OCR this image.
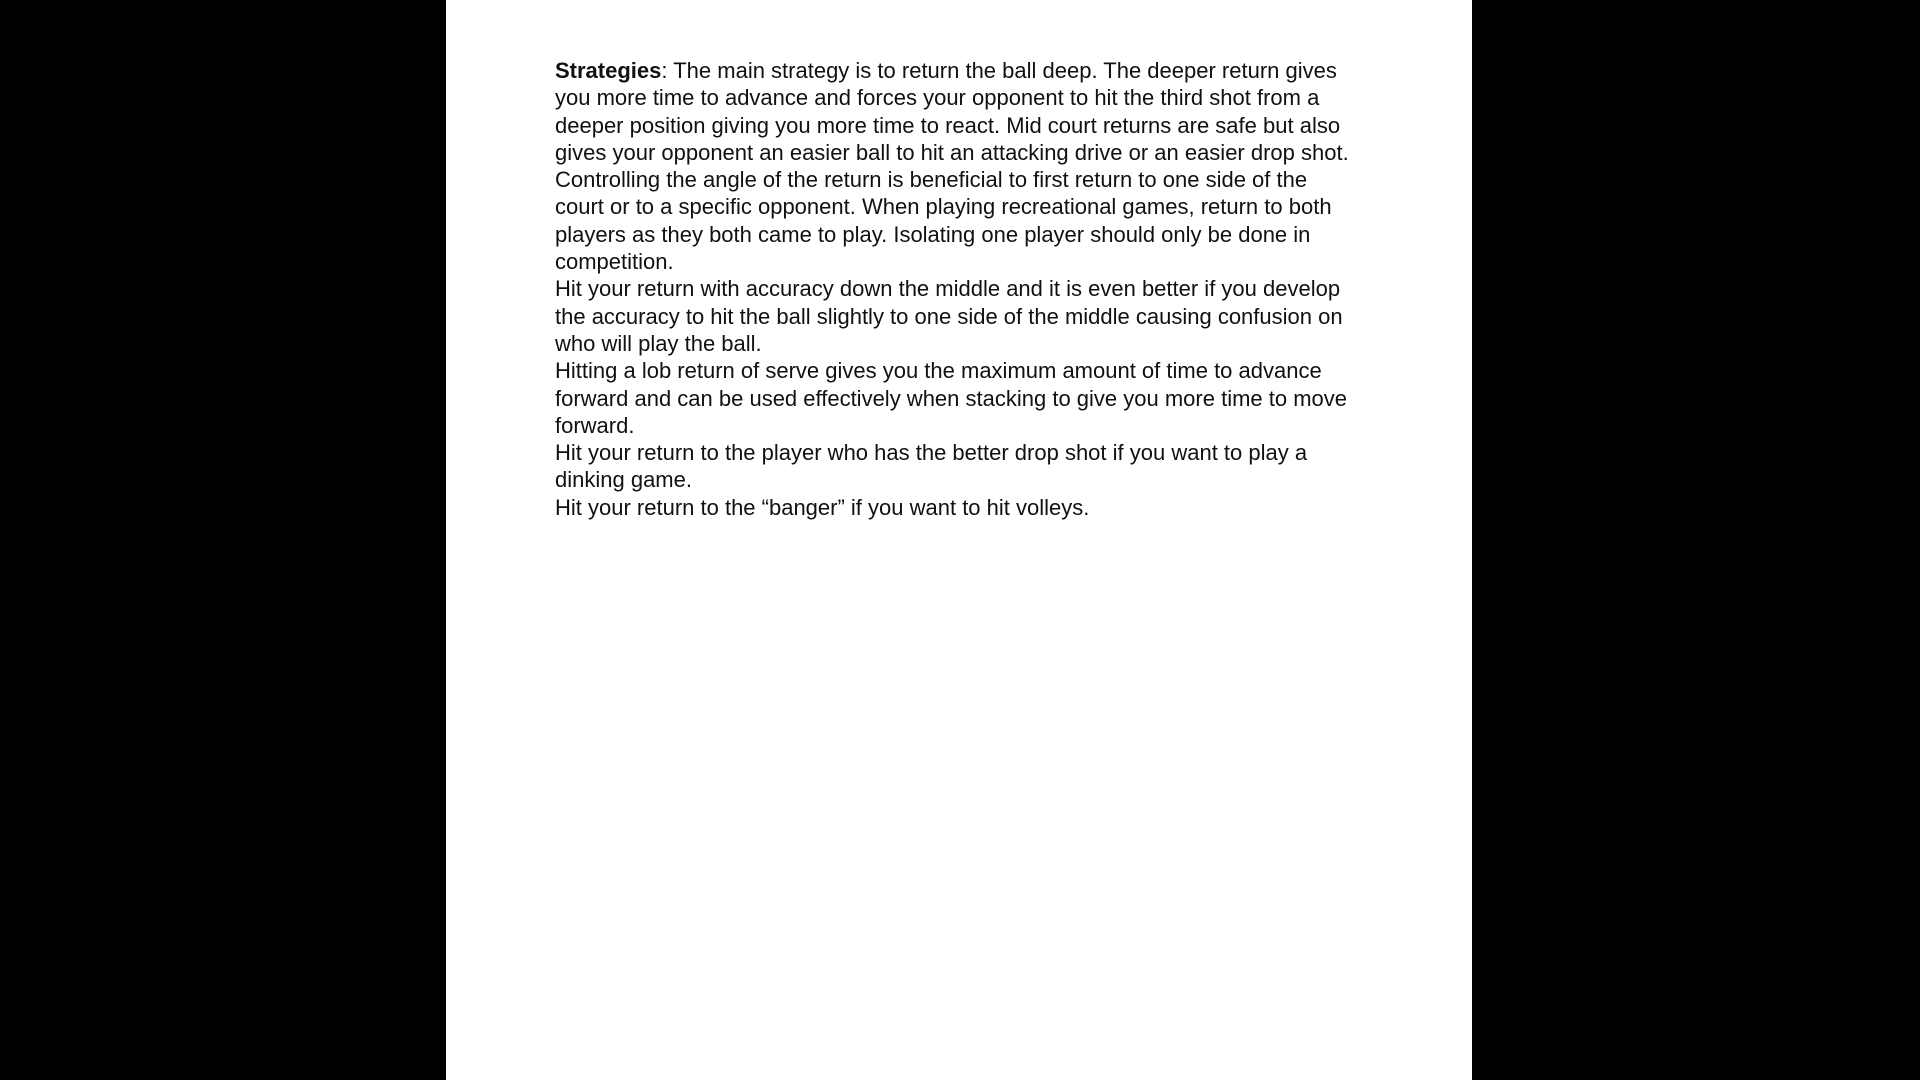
Strategies: The main strategy is to return the ball deep. The deeper return gives you more time to advance and forces your opponent to hit the third shot from a deeper position giving you more time to react. Mid court returns are safe but also gives your opponent an easier ball to hit an attacking drive or an easier drop shot.

Controlling the angle of the return is beneficial to first return to one side of the court or to a specific opponent. When playing recreational games, return to both players as they both came to play. Isolating one player should only be done in competition.

Hit your return with accuracy down the middle and it is even better if you develop the accuracy to hit the ball slightly to one side of the middle causing confusion on who will play the ball.

Hitting a lob return of serve gives you the maximum amount of time to advance forward and can be used effectively when stacking to give you more time to move forward.

Hit your return to the player who has the better drop shot if you want to play a dinking game.

Hit your return to the “banger” if you want to hit volleys.
